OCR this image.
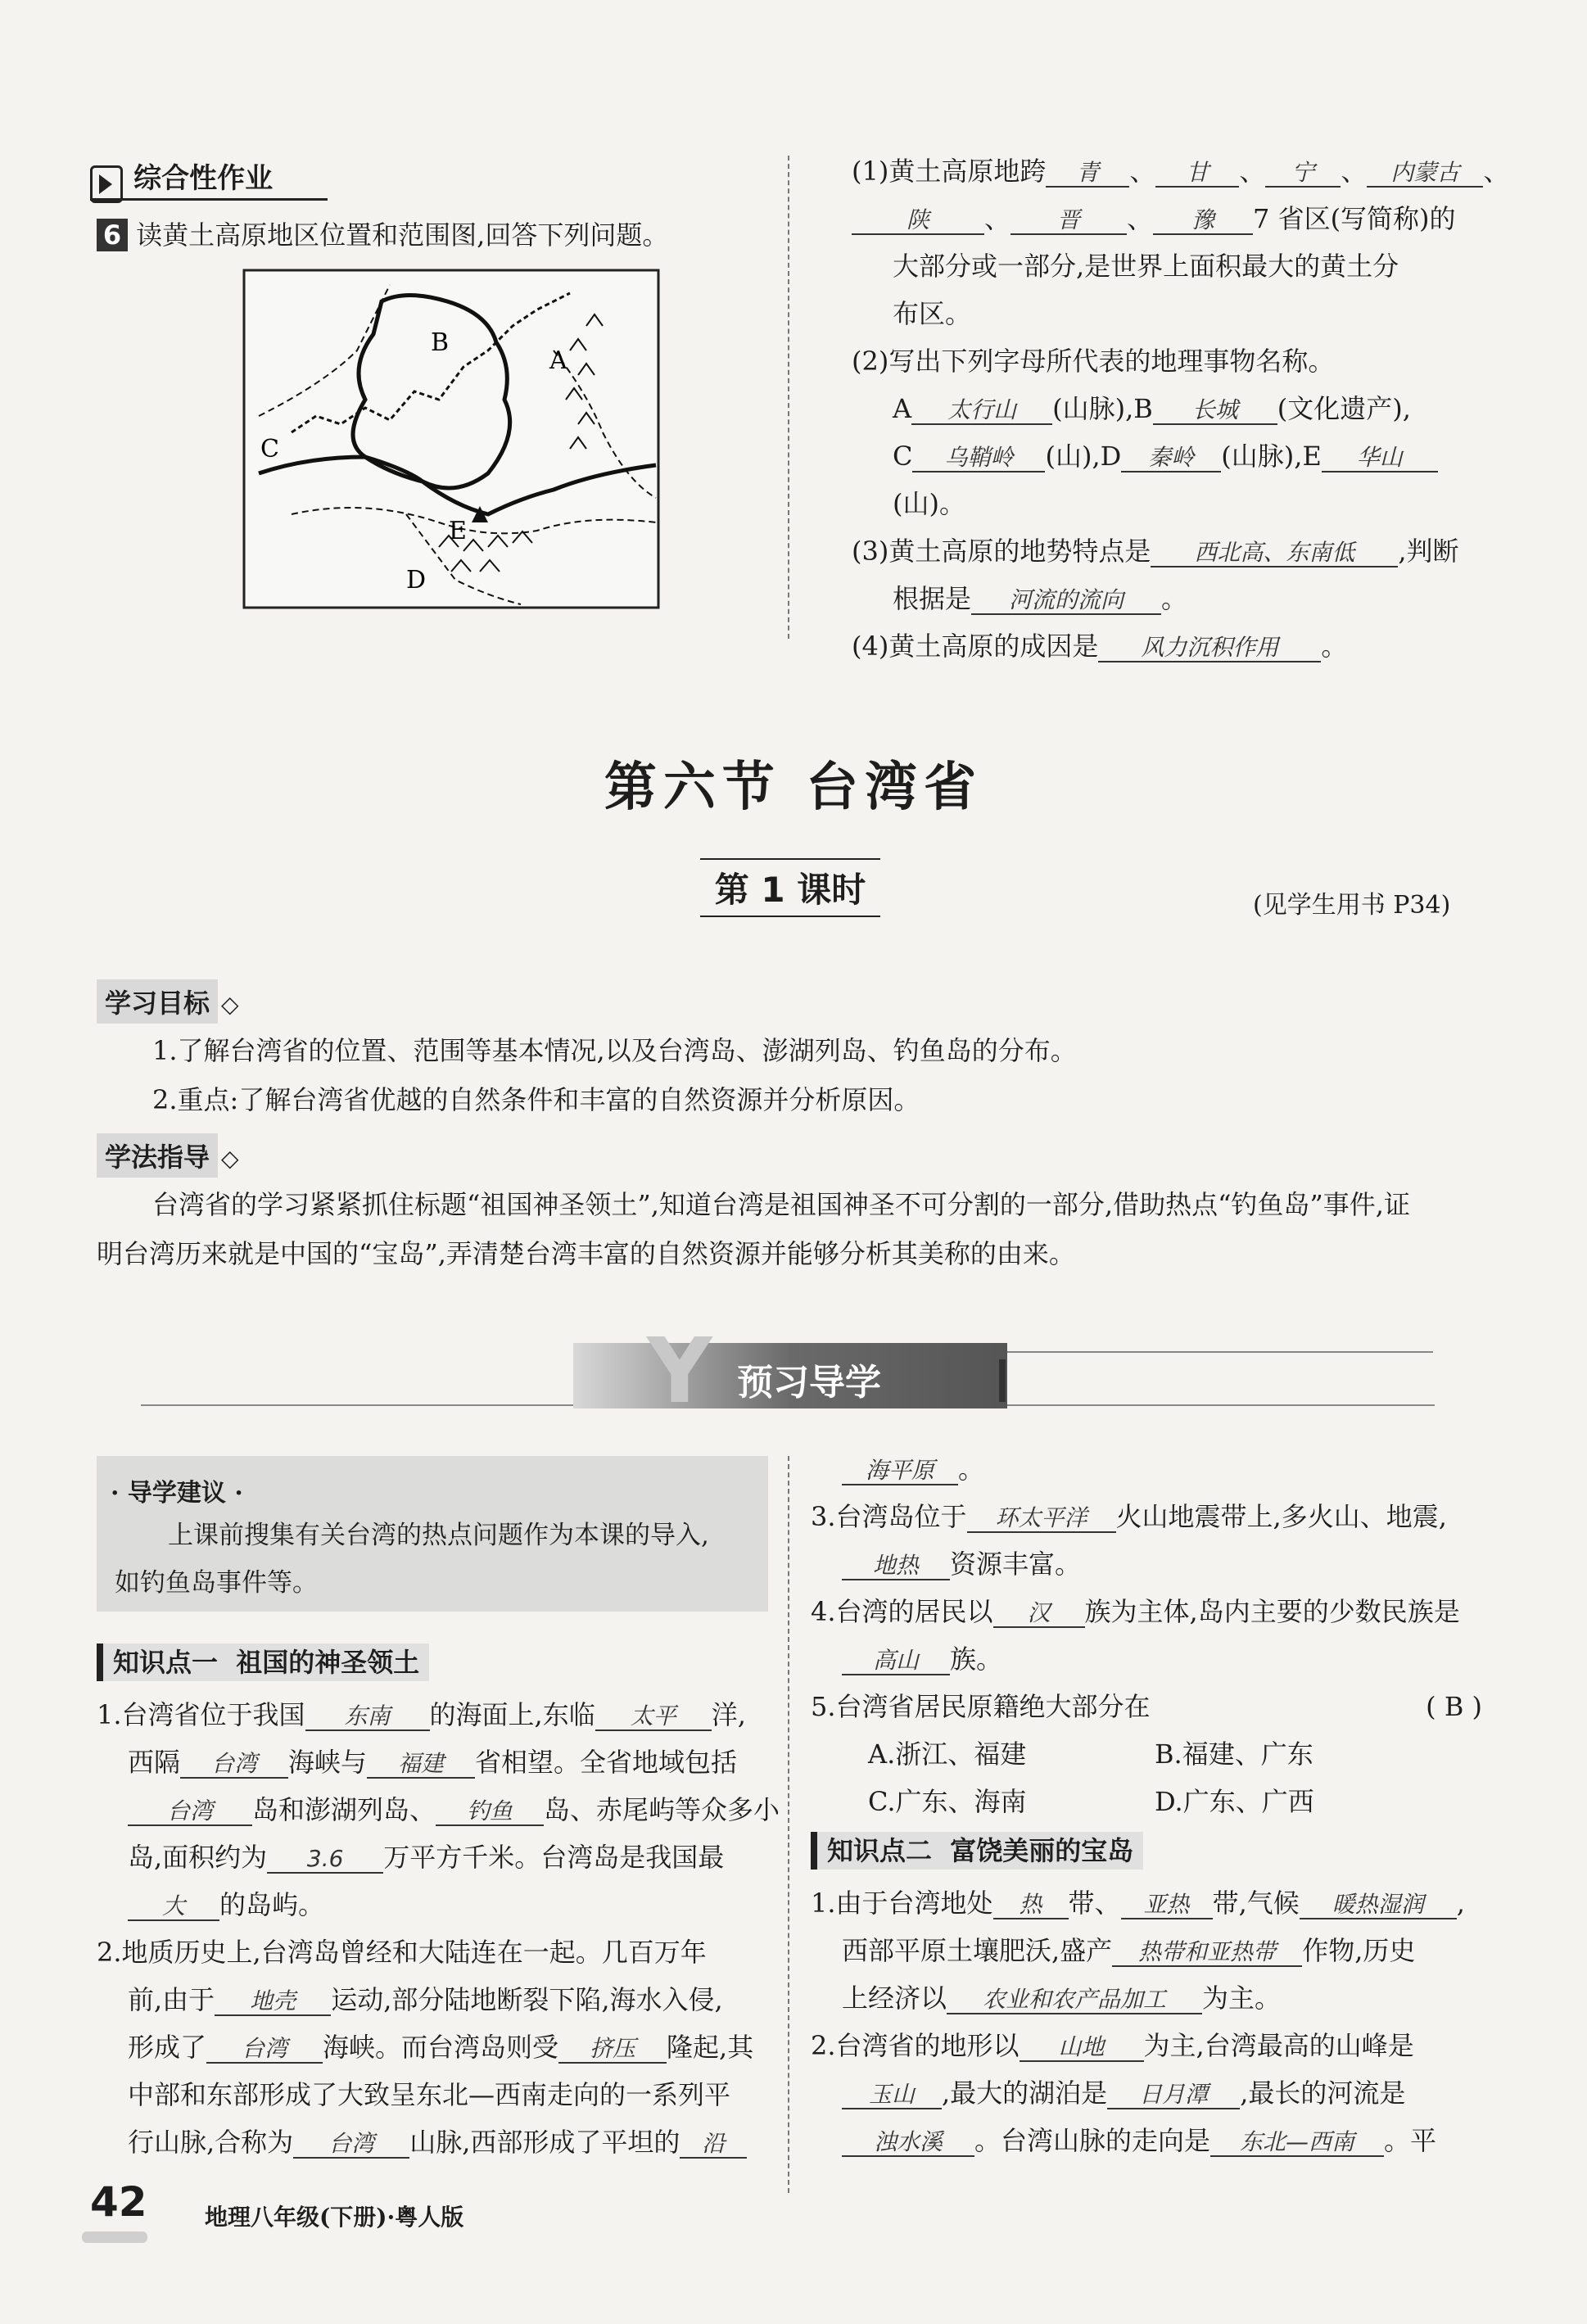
综合性作业
6 读黄土高原地区位置和范围图,回答下列问题。
A
B
C
D
E
(1)黄土高原地跨 青 、 甘 、 宁 、 内蒙古 、
陕 、 晋 、 豫 7 省区(写简称)的
大部分或一部分,是世界上面积最大的黄土分
布区。
(2)写出下列字母所代表的地理事物名称。
A 太行山 (山脉),B 长城 (文化遗产),
C 乌鞘岭 (山),D 秦岭 (山脉),E 华山
(山)。
(3)黄土高原的地势特点是 西北高、东南低 ,判断
根据是 河流的流向 。
(4)黄土高原的成因是 风力沉积作用 。
第六节 台湾省
第 1 课时	(见学生用书 P34)
学习目标 ◇
1.了解台湾省的位置、范围等基本情况,以及台湾岛、澎湖列岛、钓鱼岛的分布。
2.重点:了解台湾省优越的自然条件和丰富的自然资源并分析原因。
学法指导 ◇
台湾省的学习紧紧抓住标题“祖国神圣领土”,知道台湾是祖国神圣不可分割的一部分,借助热点“钓鱼岛”事件,证
明台湾历来就是中国的“宝岛”,弄清楚台湾丰富的自然资源并能够分析其美称的由来。
Y 预习导学
· 导学建议 ·
上课前搜集有关台湾的热点问题作为本课的导入,
如钓鱼岛事件等。
知识点一  祖国的神圣领土
1.台湾省位于我国 东南 的海面上,东临 太平 洋,
西隔 台湾 海峡与 福建 省相望。全省地域包括
台湾 岛和澎湖列岛、 钓鱼 岛、赤尾屿等众多小
岛,面积约为 3.6 万平方千米。台湾岛是我国最
大 的岛屿。
2.地质历史上,台湾岛曾经和大陆连在一起。几百万年
前,由于 地壳 运动,部分陆地断裂下陷,海水入侵,
形成了 台湾 海峡。而台湾岛则受 挤压 隆起,其
中部和东部形成了大致呈东北—西南走向的一系列平
行山脉,合称为 台湾 山脉,西部形成了平坦的 沿
海平原 。
3.台湾岛位于 环太平洋 火山地震带上,多火山、地震,
地热 资源丰富。
4.台湾的居民以 汉 族为主体,岛内主要的少数民族是
高山 族。
5.台湾省居民原籍绝大部分在	( B )
A.浙江、福建	B.福建、广东
C.广东、海南	D.广东、广西
知识点二  富饶美丽的宝岛
1.由于台湾地处 热 带、 亚热 带,气候 暖热湿润 ,
西部平原土壤肥沃,盛产 热带和亚热带 作物,历史
上经济以 农业和农产品加工 为主。
2.台湾省的地形以 山地 为主,台湾最高的山峰是
玉山 ,最大的湖泊是 日月潭 ,最长的河流是
浊水溪 。台湾山脉的走向是 东北—西南 。平
42	地理八年级(下册)·粤人版
